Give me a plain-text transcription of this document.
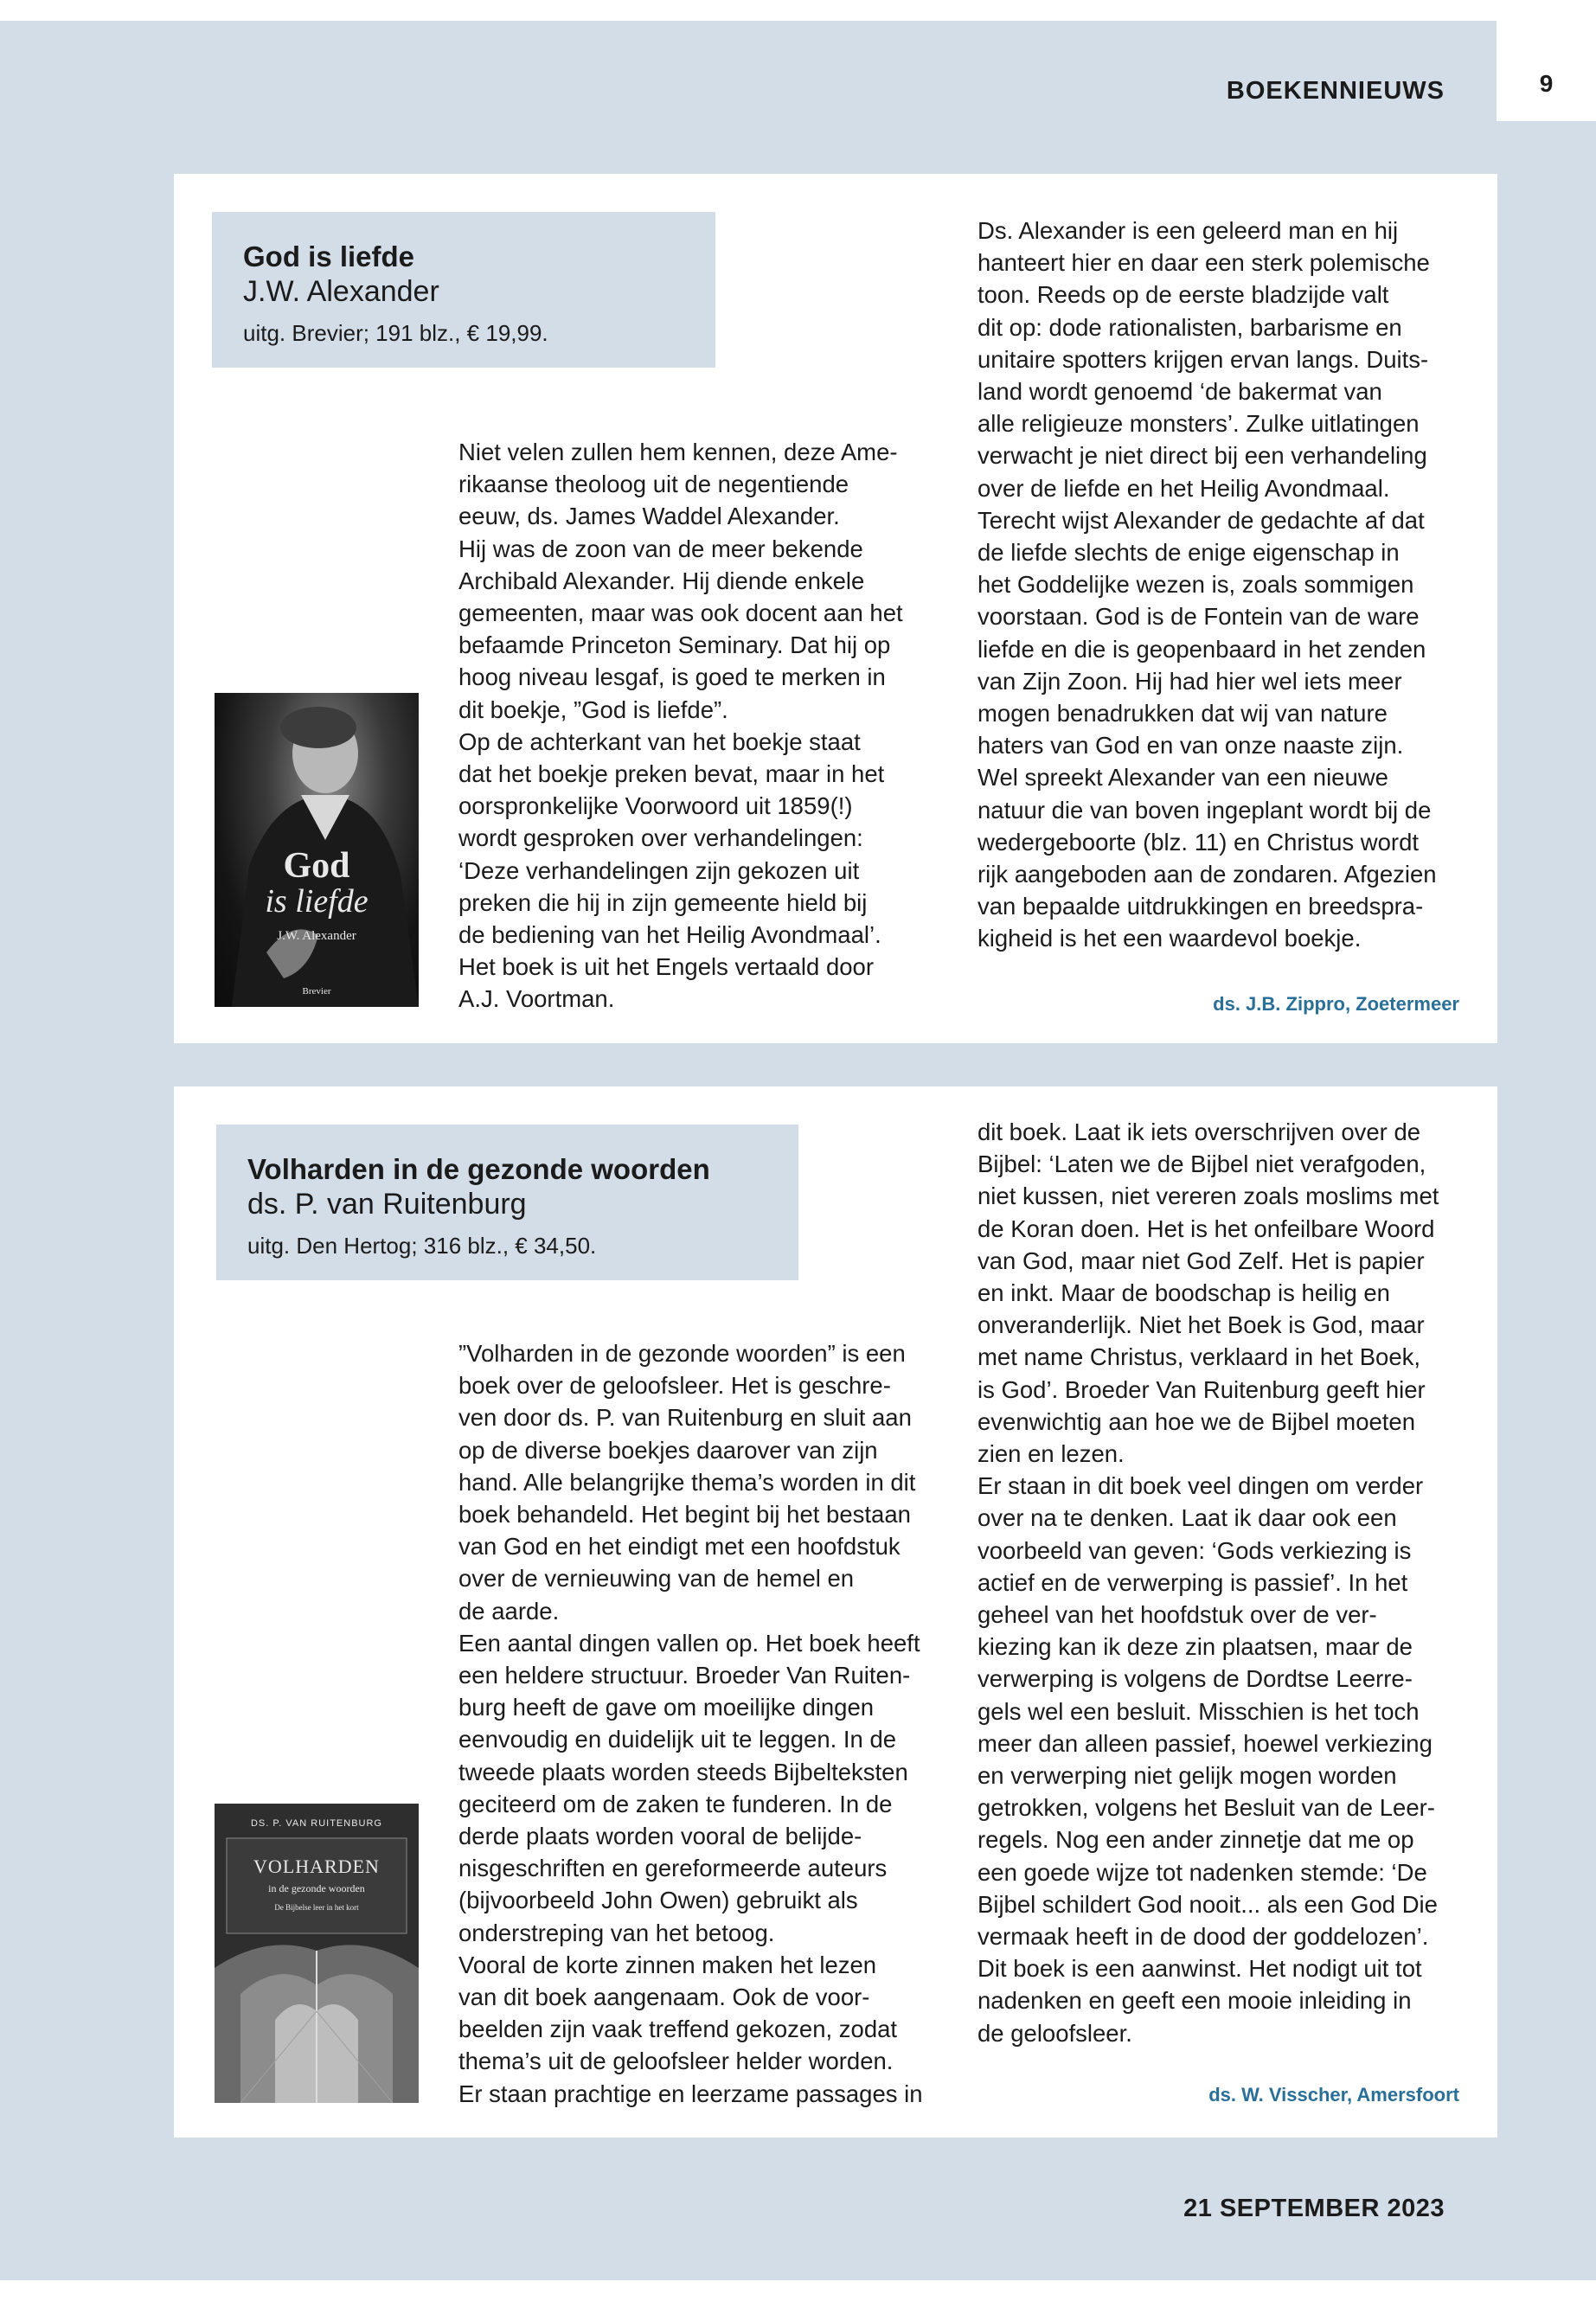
9
BOEKENNIEUWS
God is liefde
J.W. Alexander
uitg. Brevier; 191 blz., € 19,99.
God
is liefde
J.W. Alexander
Brevier

Niet velen zullen hem kennen, deze Ame-
rikaanse theoloog uit de negentiende
eeuw, ds. James Waddel Alexander.
Hij was de zoon van de meer bekende
Archibald Alexander. Hij diende enkele
gemeenten, maar was ook docent aan het
befaamde Princeton Seminary. Dat hij op
hoog niveau lesgaf, is goed te merken in
dit boekje, ”God is liefde”.
Op de achterkant van het boekje staat
dat het boekje preken bevat, maar in het
oorspronkelijke Voorwoord uit 1859(!)
wordt gesproken over verhandelingen:
‘Deze verhandelingen zijn gekozen uit
preken die hij in zijn gemeente hield bij
de bediening van het Heilig Avondmaal’.
Het boek is uit het Engels vertaald door
A.J. Voortman.

Ds. Alexander is een geleerd man en hij
hanteert hier en daar een sterk polemische
toon. Reeds op de eerste bladzijde valt
dit op: dode rationalisten, barbarisme en
unitaire spotters krijgen ervan langs. Duits-
land wordt genoemd ‘de bakermat van
alle religieuze monsters’. Zulke uitlatingen
verwacht je niet direct bij een verhandeling
over de liefde en het Heilig Avondmaal.
Terecht wijst Alexander de gedachte af dat
de liefde slechts de enige eigenschap in
het Goddelijke wezen is, zoals sommigen
voorstaan. God is de Fontein van de ware
liefde en die is geopenbaard in het zenden
van Zijn Zoon. Hij had hier wel iets meer
mogen benadrukken dat wij van nature
haters van God en van onze naaste zijn.
Wel spreekt Alexander van een nieuwe
natuur die van boven ingeplant wordt bij de
wedergeboorte (blz. 11) en Christus wordt
rijk aangeboden aan de zondaren. Afgezien
van bepaalde uitdrukkingen en breedspra-
kigheid is het een waardevol boekje.

ds. J.B. Zippro, Zoetermeer
Volharden in de gezonde woorden
ds. P. van Ruitenburg
uitg. Den Hertog; 316 blz., € 34,50.
DS. P. VAN RUITENBURG
VOLHARDEN
in de gezonde woorden
De Bijbelse leer in het kort

”Volharden in de gezonde woorden” is een
boek over de geloofsleer. Het is geschre-
ven door ds. P. van Ruitenburg en sluit aan
op de diverse boekjes daarover van zijn
hand. Alle belangrijke thema’s worden in dit
boek behandeld. Het begint bij het bestaan
van God en het eindigt met een hoofdstuk
over de vernieuwing van de hemel en
de aarde.
Een aantal dingen vallen op. Het boek heeft
een heldere structuur. Broeder Van Ruiten-
burg heeft de gave om moeilijke dingen
eenvoudig en duidelijk uit te leggen. In de
tweede plaats worden steeds Bijbelteksten
geciteerd om de zaken te funderen. In de
derde plaats worden vooral de belijde-
nisgeschriften en gereformeerde auteurs
(bijvoorbeeld John Owen) gebruikt als
onderstreping van het betoog.
Vooral de korte zinnen maken het lezen
van dit boek aangenaam. Ook de voor-
beelden zijn vaak treffend gekozen, zodat
thema’s uit de geloofsleer helder worden.
Er staan prachtige en leerzame passages in

dit boek. Laat ik iets overschrijven over de
Bijbel: ‘Laten we de Bijbel niet verafgoden,
niet kussen, niet vereren zoals moslims met
de Koran doen. Het is het onfeilbare Woord
van God, maar niet God Zelf. Het is papier
en inkt. Maar de boodschap is heilig en
onveranderlijk. Niet het Boek is God, maar
met name Christus, verklaard in het Boek,
is God’. Broeder Van Ruitenburg geeft hier
evenwichtig aan hoe we de Bijbel moeten
zien en lezen.
Er staan in dit boek veel dingen om verder
over na te denken. Laat ik daar ook een
voorbeeld van geven: ‘Gods verkiezing is
actief en de verwerping is passief’. In het
geheel van het hoofdstuk over de ver-
kiezing kan ik deze zin plaatsen, maar de
verwerping is volgens de Dordtse Leerre-
gels wel een besluit. Misschien is het toch
meer dan alleen passief, hoewel verkiezing
en verwerping niet gelijk mogen worden
getrokken, volgens het Besluit van de Leer-
regels. Nog een ander zinnetje dat me op
een goede wijze tot nadenken stemde: ‘De
Bijbel schildert God nooit... als een God Die
vermaak heeft in de dood der goddelozen’.
Dit boek is een aanwinst. Het nodigt uit tot
nadenken en geeft een mooie inleiding in
de geloofsleer.

ds. W. Visscher, Amersfoort
21 SEPTEMBER 2023
